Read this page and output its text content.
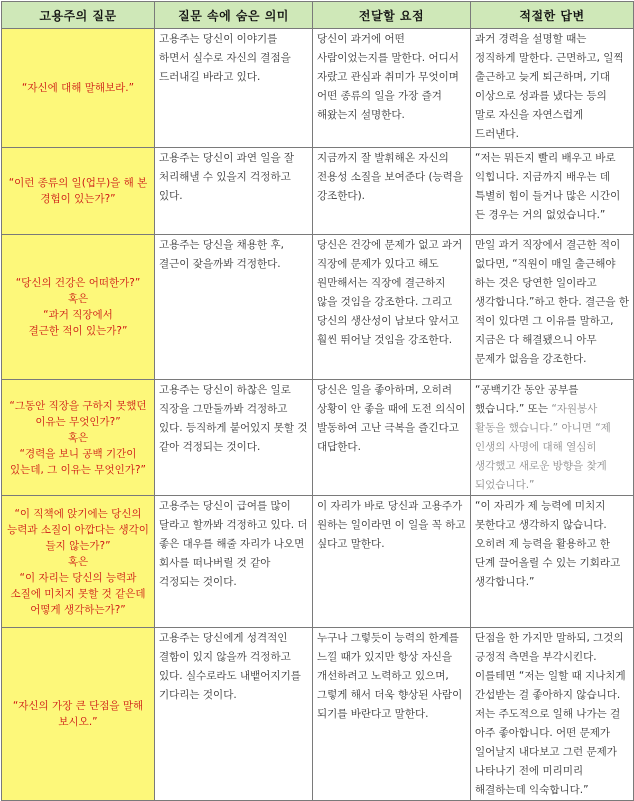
고용주의 질문	질문 속에 숨은 의미	전달할 요점	적절한 답변

“자신에 대해 말해보라.”	고용주는 당신이 이야기를 하면서 실수로 자신의 결점을 드러내길 바라고 있다.	당신이 과거에 어떤 사람이었는지를 말한다. 어디서 자랐고 관심과 취미가 무엇이며 어떤 종류의 일을 가장 즐겨 해왔는지 설명한다.	과거 경력을 설명할 때는 정직하게 말한다. 근면하고, 일찍 출근하고 늦게 퇴근하며, 기대 이상으로 성과를 냈다는 등의 말로 자신을 자연스럽게 드러낸다.

“이런 종류의 일(업무)을 해 본 경험이 있는가?”	고용주는 당신이 과연 일을 잘 처리해낼 수 있을지 걱정하고 있다.	지금까지 잘 발휘해온 자신의 전용성 소질을 보여준다 (능력을 강조한다).	“저는 뭐든지 빨리 배우고 바로 익힙니다. 지금까지 배우는 데 특별히 힘이 들거나 많은 시간이 든 경우는 거의 없었습니다.”

“당신의 건강은 어떠한가?”
혹은
“과거 직장에서
결근한 적이 있는가?”	고용주는 당신을 채용한 후, 결근이 잦을까봐 걱정한다.	당신은 건강에 문제가 없고 과거 직장에 문제가 있다고 해도 원만해서는 직장에 결근하지 않을 것임을 강조한다. 그리고 당신의 생산성이 남보다 앞서고 훨씬 뛰어날 것임을 강조한다.	만일 과거 직장에서 결근한 적이 없다면, “직원이 매일 출근해야 하는 것은 당연한 일이라고 생각합니다.”하고 한다. 결근을 한 적이 있다면 그 이유를 말하고, 지금은 다 해결됐으니 아무 문제가 없음을 강조한다.

“그동안 직장을 구하지 못했던 이유는 무엇인가?”
혹은
“경력을 보니 공백 기간이 있는데, 그 이유는 무엇인가?”	고용주는 당신이 하찮은 일로 직장을 그만둘까봐 걱정하고 있다. 등직하게 붙어있지 못할 것 같아 걱정되는 것이다.	당신은 일을 좋아하며, 오히려 상황이 안 좋을 때에 도전 의식이 발동하여 고난 극복을 즐긴다고 대답한다.	“공백기간 동안 공부를 했습니다.” 또는 “자원봉사 활동을 했습니다.” 아니면 “제 인생의 사명에 대해 열심히 생각했고 새로운 방향을 찾게 되었습니다.”

“이 직책에 앉기에는 당신의 능력과 소질이 아깝다는 생각이 들지 않는가?”
혹은
“이 자리는 당신의 능력과 소질에 미치지 못할 것 같은데 어떻게 생각하는가?”	고용주는 당신이 급여를 많이 달라고 할까봐 걱정하고 있다. 더 좋은 대우를 해줄 자리가 나오면 회사를 떠나버릴 것 같아 걱정되는 것이다.	이 자리가 바로 당신과 고용주가 원하는 일이라면 이 일을 꼭 하고 싶다고 말한다.	“이 자리가 제 능력에 미치지 못한다고 생각하지 않습니다. 오히려 제 능력을 활용하고 한 단계 끌어올릴 수 있는 기회라고 생각합니다.”

“자신의 가장 큰 단점을 말해 보시오.”	고용주는 당신에게 성격적인 결함이 있지 않을까 걱정하고 있다. 실수로라도 내뱉어지기를 기다리는 것이다.	누구나 그렇듯이 능력의 한계를 느낄 때가 있지만 항상 자신을 개선하려고 노력하고 있으며, 그렇게 해서 더욱 향상된 사람이 되기를 바란다고 말한다.	단점을 한 가지만 말하되, 그것의 긍정적 측면을 부각시킨다. 이를테면 “저는 일할 때 지나치게 간섭받는 걸 좋아하지 않습니다. 저는 주도적으로 일해 나가는 걸 아주 좋아합니다. 어떤 문제가 일어날지 내다보고 그런 문제가 나타나기 전에 미리미리 해결하는데 익숙합니다.”
